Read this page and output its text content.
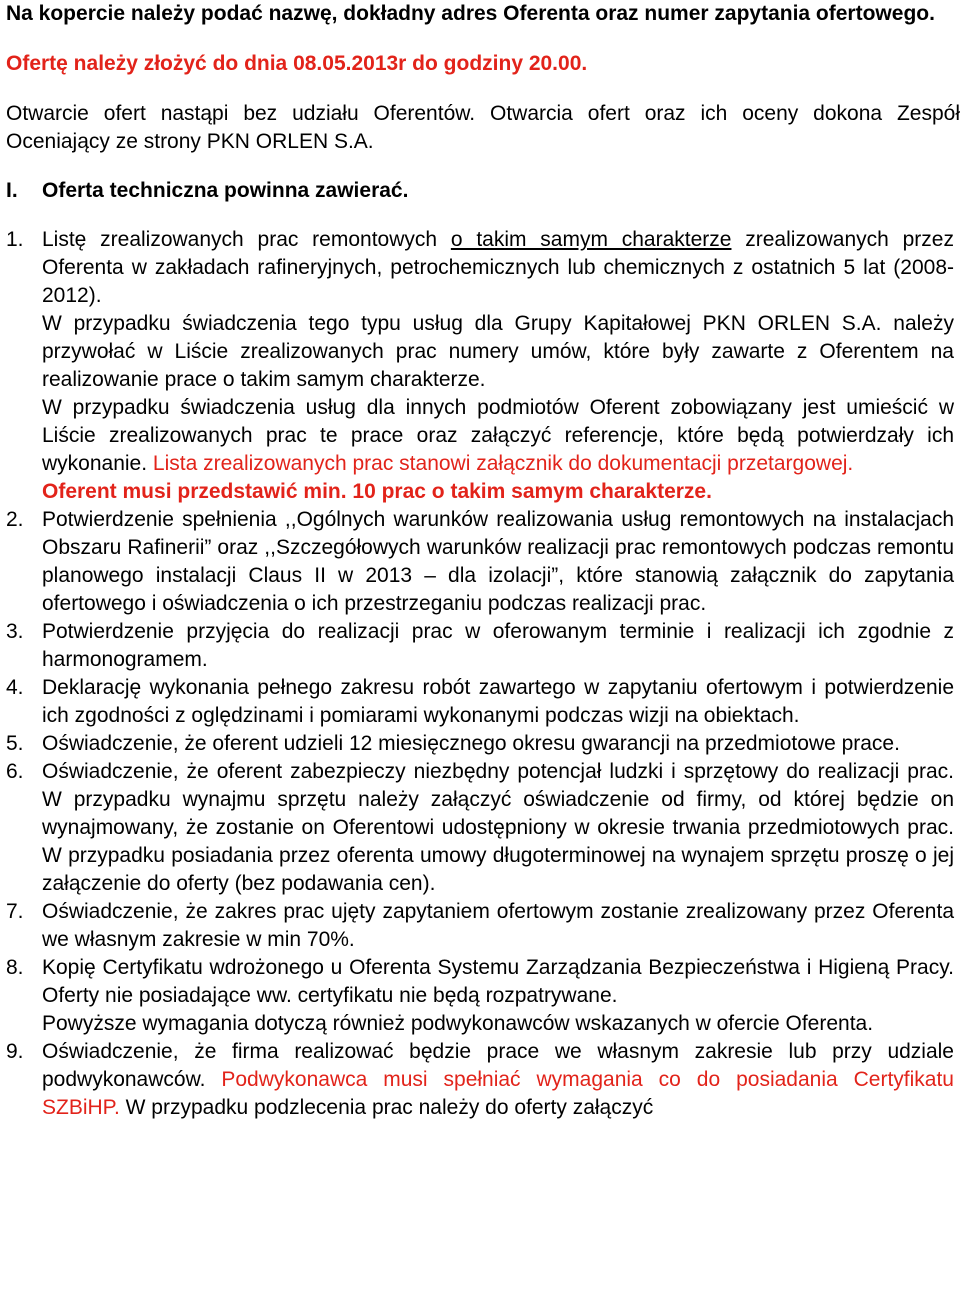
Na kopercie należy podać nazwę, dokładny adres Oferenta oraz numer zapytania ofertowego.

Ofertę należy złożyć do dnia 08.05.2013r do godziny 20.00.

Otwarcie ofert nastąpi bez udziału Oferentów. Otwarcia ofert oraz ich oceny dokona Zespół Oceniający ze strony PKN ORLEN S.A.

I.	Oferta techniczna powinna zawierać.
1. Listę zrealizowanych prac remontowych o takim samym charakterze zrealizowanych przez Oferenta w zakładach rafineryjnych, petrochemicznych lub chemicznych z ostatnich 5 lat (2008-2012).

W przypadku świadczenia tego typu usług dla Grupy Kapitałowej PKN ORLEN S.A. należy przywołać w Liście zrealizowanych prac numery umów, które były zawarte z Oferentem na realizowanie prace o takim samym charakterze.

W przypadku świadczenia usług dla innych podmiotów Oferent zobowiązany jest umieścić w Liście zrealizowanych prac te prace oraz załączyć referencje, które będą potwierdzały ich wykonanie. Lista zrealizowanych prac stanowi załącznik do dokumentacji przetargowej.

Oferent musi przedstawić min. 10 prac o takim samym charakterze.

2. Potwierdzenie spełnienia ,,Ogólnych warunków realizowania usług remontowych na instalacjach Obszaru Rafinerii” oraz ,,Szczegółowych warunków realizacji prac remontowych podczas remontu planowego instalacji Claus II w 2013 – dla izolacji”, które stanowią załącznik do zapytania ofertowego i oświadczenia o ich przestrzeganiu podczas realizacji prac.

3. Potwierdzenie przyjęcia do realizacji prac w oferowanym terminie i realizacji ich zgodnie z harmonogramem.

4. Deklarację wykonania pełnego zakresu robót zawartego w zapytaniu ofertowym i potwierdzenie ich zgodności z oględzinami i pomiarami wykonanymi podczas wizji na obiektach.

5. Oświadczenie, że oferent udzieli 12 miesięcznego okresu gwarancji na przedmiotowe prace.

6. Oświadczenie, że oferent zabezpieczy niezbędny potencjał ludzki i sprzętowy do realizacji prac. W przypadku wynajmu sprzętu należy załączyć oświadczenie od firmy, od której będzie on wynajmowany, że zostanie on Oferentowi udostępniony w okresie trwania przedmiotowych prac. W przypadku posiadania przez oferenta umowy długoterminowej na wynajem sprzętu proszę o jej załączenie do oferty (bez podawania cen).

7. Oświadczenie, że zakres prac ujęty zapytaniem ofertowym zostanie zrealizowany przez Oferenta we własnym zakresie w min 70%.

8. Kopię Certyfikatu wdrożonego u Oferenta Systemu Zarządzania Bezpieczeństwa i Higieną Pracy. Oferty nie posiadające ww. certyfikatu nie będą rozpatrywane.

Powyższe wymagania dotyczą również podwykonawców wskazanych w ofercie Oferenta.

9. Oświadczenie, że firma realizować będzie prace we własnym zakresie lub przy udziale podwykonawców. Podwykonawca musi spełniać wymagania co do posiadania Certyfikatu SZBiHP. W przypadku podzlecenia prac należy do oferty załączyć
